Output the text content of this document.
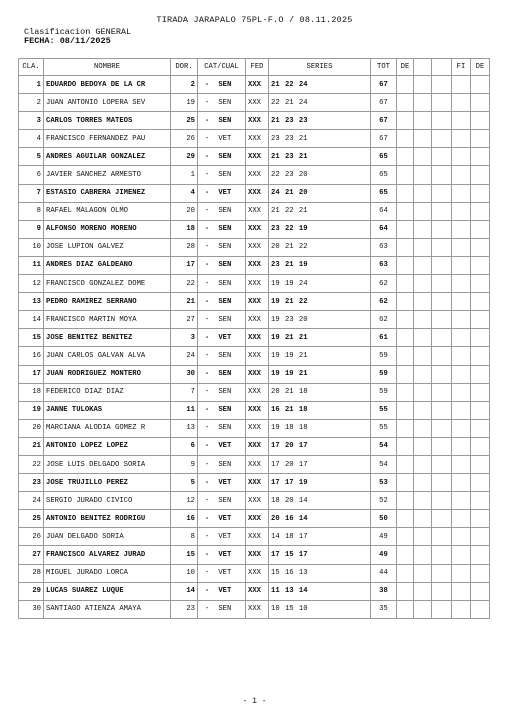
TIRADA JARAPALO 75PL-F.O / 08.11.2025
Clasificacion GENERAL
FECHA: 08/11/2025
CLA.	NOMBRE	DOR.	CAT/CUAL	FED	SERIES	TOT	DE			FI	DE
1	EDUARDO BEDOYA DE LA CR	2	- SEN	XXX	21 22 24	67					
2	JUAN ANTONIO LOPERA SEV	19	- SEN	XXX	22 21 24	67					
3	CARLOS TORRES MATEOS	25	- SEN	XXX	21 23 23	67					
4	FRANCISCO FERNANDEZ PAU	26	- VET	XXX	23 23 21	67					
5	ANDRES AGUILAR GONZALEZ	29	- SEN	XXX	21 23 21	65					
6	JAVIER SANCHEZ ARMESTO	1	- SEN	XXX	22 23 20	65					
7	ESTASIO CABRERA JIMENEZ	4	- VET	XXX	24 21 20	65					
8	RAFAEL MALAGON OLMO	20	- SEN	XXX	21 22 21	64					
9	ALFONSO MORENO MORENO	18	- SEN	XXX	23 22 19	64					
10	JOSE LUPION GALVEZ	28	- SEN	XXX	20 21 22	63					
11	ANDRES DIAZ GALDEANO	17	- SEN	XXX	23 21 19	63					
12	FRANCISCO GONZALEZ DOME	22	- SEN	XXX	19 19 24	62					
13	PEDRO RAMIREZ SERRANO	21	- SEN	XXX	19 21 22	62					
14	FRANCISCO MARTIN MOYA	27	- SEN	XXX	19 23 20	62					
15	JOSE BENITEZ BENITEZ	3	- VET	XXX	19 21 21	61					
16	JUAN CARLOS GALVAN ALVA	24	- SEN	XXX	19 19 21	59					
17	JUAN RODRIGUEZ MONTERO	30	- SEN	XXX	19 19 21	59					
18	FEDERICO DIAZ DIAZ	7	- SEN	XXX	20 21 18	59					
19	JANNE TULOKAS	11	- SEN	XXX	16 21 18	55					
20	MARCIANA ALODIA GOMEZ R	13	- SEN	XXX	19 18 18	55					
21	ANTONIO LOPEZ LOPEZ	6	- VET	XXX	17 20 17	54					
22	JOSE LUIS DELGADO SORIA	9	- SEN	XXX	17 20 17	54					
23	JOSE TRUJILLO PEREZ	5	- VET	XXX	17 17 19	53					
24	SERGIO JURADO CIVICO	12	- SEN	XXX	18 20 14	52					
25	ANTONIO BENITEZ RODRIGU	16	- VET	XXX	20 16 14	50					
26	JUAN DELGADO SORIA	8	- VET	XXX	14 18 17	49					
27	FRANCISCO ALVAREZ JURAD	15	- VET	XXX	17 15 17	49					
28	MIGUEL JURADO LORCA	10	- VET	XXX	15 16 13	44					
29	LUCAS SUAREZ LUQUE	14	- VET	XXX	11 13 14	38					
30	SANTIAGO ATIENZA AMAYA	23	- SEN	XXX	10 15 10	35					
- 1 -
